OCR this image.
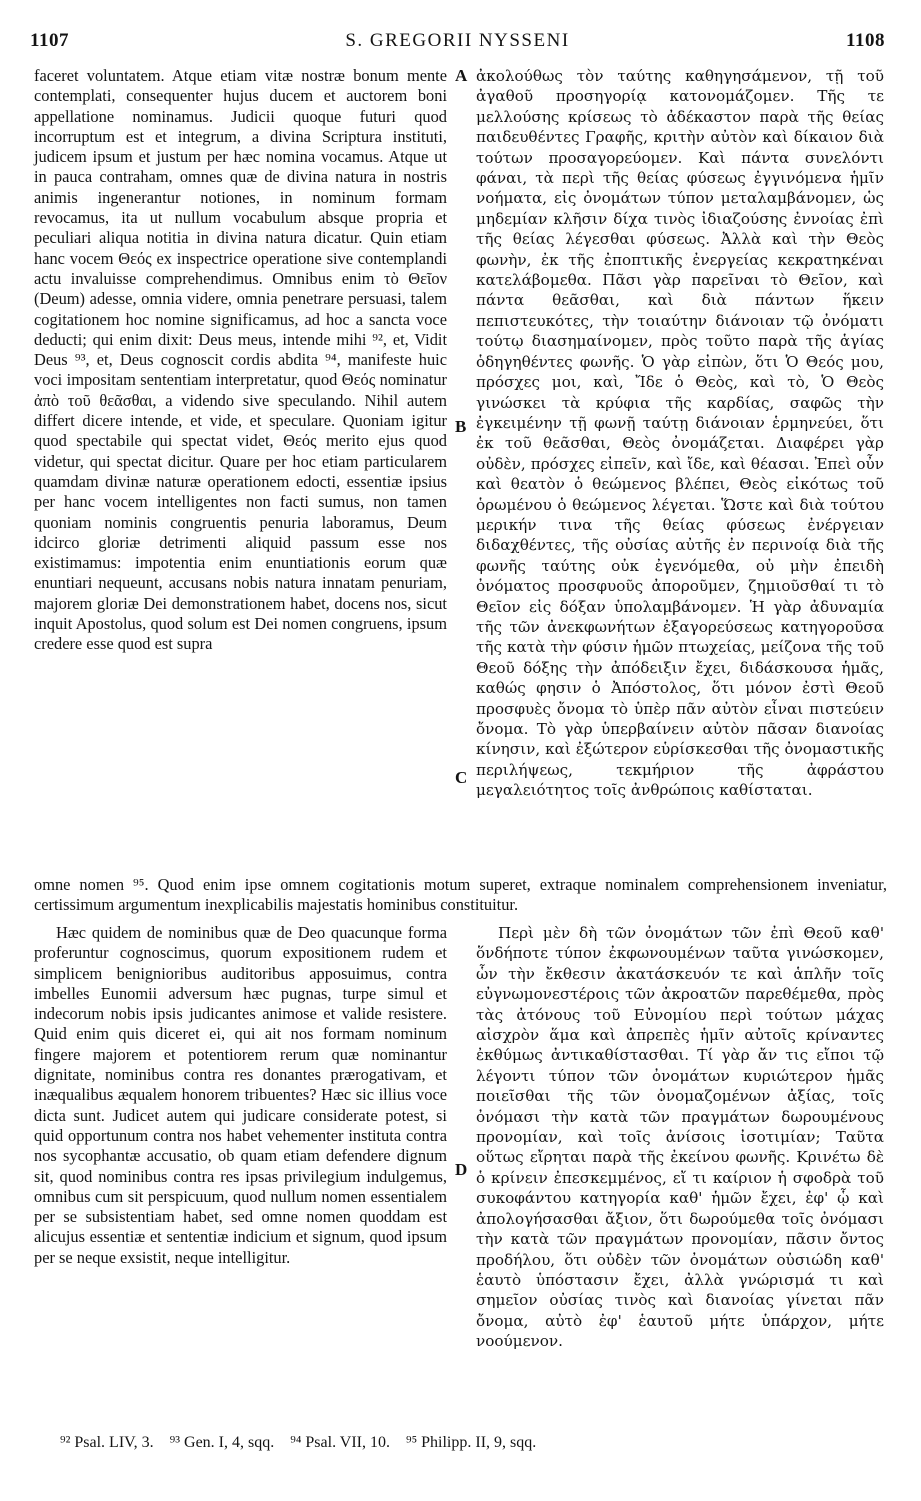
1107	S. GREGORII NYSSENI	1108

faceret voluntatem. Atque etiam vitæ nostræ bonum mente contemplati, consequenter hujus ducem et auctorem boni appellatione nominamus. Judicii quoque futuri quod incorruptum est et integrum, a divina Scriptura instituti, judicem ipsum et justum per hæc nomina vocamus. Atque ut in pauca contraham, omnes quæ de divina natura in nostris animis ingenerantur notiones, in nominum formam revocamus, ita ut nullum vocabulum absque propria et peculiari aliqua notitia in divina natura dicatur. Quin etiam hanc vocem Θεός ex inspectrice operatione sive contemplandi actu invaluisse comprehendimus. Omnibus enim τὸ Θεῖον (Deum) adesse, omnia videre, omnia penetrare persuasi, talem cogitationem hoc nomine significamus, ad hoc a sancta voce deducti; qui enim dixit: Deus meus, intende mihi ⁹², et, Vidit Deus ⁹³, et, Deus cognoscit cordis abdita ⁹⁴, manifeste huic voci impositam sententiam interpretatur, quod Θεός nominatur ἀπὸ τοῦ θεᾶσθαι, a videndo sive speculando. Nihil autem differt dicere intende, et vide, et speculare. Quoniam igitur quod spectabile qui spectat videt, Θεός merito ejus quod videtur, qui spectat dicitur. Quare per hoc etiam particularem quamdam divinæ naturæ operationem edocti, essentiæ ipsius per hanc vocem intelligentes non facti sumus, non tamen quoniam nominis congruentis penuria laboramus, Deum idcirco gloriæ detrimenti aliquid passum esse nos existimamus: impotentia enim enuntiationis eorum quæ enuntiari nequeunt, accusans nobis natura innatam penuriam, majorem gloriæ Dei demonstrationem habet, docens nos, sicut inquit Apostolus, quod solum est Dei nomen congruens, ipsum credere esse quod est supra

ἀκολούθως τὸν ταύτης καθηγησάμενον, τῇ τοῦ ἀγαθοῦ προσηγορίᾳ κατονομάζομεν. Τῆς τε μελλούσης κρίσεως τὸ ἀδέκαστον παρὰ τῆς θείας παιδευθέντες Γραφῆς, κριτὴν αὐτὸν καὶ δίκαιον διὰ τούτων προσαγορεύομεν. Καὶ πάντα συνελόντι φάναι, τὰ περὶ τῆς θείας φύσεως ἐγγινόμενα ἡμῖν νοήματα, εἰς ὀνομάτων τύπον μεταλαμβάνομεν, ὡς μηδεμίαν κλῆσιν δίχα τινὸς ἰδιαζούσης ἐννοίας ἐπὶ τῆς θείας λέγεσθαι φύσεως. Ἀλλὰ καὶ τὴν Θεὸς φωνὴν, ἐκ τῆς ἐποπτικῆς ἐνεργείας κεκρατηκέναι κατελάβομεθα. Πᾶσι γὰρ παρεῖναι τὸ Θεῖον, καὶ πάντα θεᾶσθαι, καὶ διὰ πάντων ἥκειν πεπιστευκότες, τὴν τοιαύτην διάνοιαν τῷ ὀνόματι τούτῳ διασημαίνομεν, πρὸς τοῦτο παρὰ τῆς ἁγίας ὁδηγηθέντες φωνῆς. Ὁ γὰρ εἰπὼν, ὅτι Ὁ Θεός μου, πρόσχες μοι, καὶ, Ἴδε ὁ Θεὸς, καὶ τὸ, Ὁ Θεὸς γινώσκει τὰ κρύφια τῆς καρδίας, σαφῶς τὴν ἐγκειμένην τῇ φωνῇ ταύτῃ διάνοιαν ἑρμηνεύει, ὅτι ἐκ τοῦ θεᾶσθαι, Θεὸς ὀνομάζεται. Διαφέρει γὰρ οὐδὲν, πρόσχες εἰπεῖν, καὶ ἴδε, καὶ θέασαι. Ἐπεὶ οὖν καὶ θεατὸν ὁ θεώμενος βλέπει, Θεὸς εἰκότως τοῦ ὁρωμένου ὁ θεώμενος λέγεται. Ὥστε καὶ διὰ τούτου μερικήν τινα τῆς θείας φύσεως ἐνέργειαν διδαχθέντες, τῆς οὐσίας αὐτῆς ἐν περινοίᾳ διὰ τῆς φωνῆς ταύτης οὐκ ἐγενόμεθα, οὐ μὴν ἐπειδὴ ὀνόματος προσφυοῦς ἀποροῦμεν, ζημιοῦσθαί τι τὸ Θεῖον εἰς δόξαν ὑπολαμβάνομεν. Ἡ γὰρ ἀδυναμία τῆς τῶν ἀνεκφωνήτων ἐξαγορεύσεως κατηγοροῦσα τῆς κατὰ τὴν φύσιν ἡμῶν πτωχείας, μείζονα τῆς τοῦ Θεοῦ δόξης τὴν ἀπόδειξιν ἔχει, διδάσκουσα ἡμᾶς, καθώς φησιν ὁ Ἀπόστολος, ὅτι μόνον ἐστὶ Θεοῦ προσφυὲς ὄνομα τὸ ὑπὲρ πᾶν αὐτὸν εἶναι πιστεύειν ὄνομα. Τὸ γὰρ ὑπερβαίνειν αὐτὸν πᾶσαν διανοίας κίνησιν, καὶ ἐξώτερον εὑρίσκεσθαι τῆς ὀνομαστικῆς περιλήψεως, τεκμήριον τῆς ἀφράστου μεγαλειότητος τοῖς ἀνθρώποις καθίσταται.

A
B
C
D

omne nomen ⁹⁵. Quod enim ipse omnem cogitationis motum superet, extraque nominalem comprehensionem inveniatur, certissimum argumentum inexplicabilis majestatis hominibus constituitur.

Hæc quidem de nominibus quæ de Deo quacunque forma proferuntur cognoscimus, quorum expositionem rudem et simplicem benignioribus auditoribus apposuimus, contra imbelles Eunomii adversum hæc pugnas, turpe simul et indecorum nobis ipsis judicantes animose et valide resistere. Quid enim quis diceret ei, qui ait nos formam nominum fingere majorem et potentiorem rerum quæ nominantur dignitate, nominibus contra res donantes prærogativam, et inæqualibus æqualem honorem tribuentes? Hæc sic illius voce dicta sunt. Judicet autem qui judicare considerate potest, si quid opportunum contra nos habet vehementer instituta contra nos sycophantæ accusatio, ob quam etiam defendere dignum sit, quod nominibus contra res ipsas privilegium indulgemus, omnibus cum sit perspicuum, quod nullum nomen essentialem per se subsistentiam habet, sed omne nomen quoddam est alicujus essentiæ et sententiæ indicium et signum, quod ipsum per se neque exsistit, neque intelligitur.

Περὶ μὲν δὴ τῶν ὀνομάτων τῶν ἐπὶ Θεοῦ καθ' ὅνδήποτε τύπον ἐκφωνουμένων ταῦτα γινώσκομεν, ὧν τὴν ἔκθεσιν ἀκατάσκευόν τε καὶ ἁπλῆν τοῖς εὐγνωμονεστέροις τῶν ἀκροατῶν παρεθέμεθα, πρὸς τὰς ἀτόνους τοῦ Εὐνομίου περὶ τούτων μάχας αἰσχρὸν ἅμα καὶ ἀπρεπὲς ἡμῖν αὐτοῖς κρίναντες ἐκθύμως ἀντικαθίστασθαι. Τί γὰρ ἄν τις εἴποι τῷ λέγοντι τύπον τῶν ὀνομάτων κυριώτερον ἡμᾶς ποιεῖσθαι τῆς τῶν ὀνομαζομένων ἀξίας, τοῖς ὀνόμασι τὴν κατὰ τῶν πραγμάτων δωρουμένους προνομίαν, καὶ τοῖς ἀνίσοις ἰσοτιμίαν; Ταῦτα οὕτως εἴρηται παρὰ τῆς ἐκείνου φωνῆς. Κρινέτω δὲ ὁ κρίνειν ἐπεσκεμμένος, εἴ τι καίριον ἡ σφοδρὰ τοῦ συκοφάντου κατηγορία καθ' ἡμῶν ἔχει, ἐφ' ᾧ καὶ ἀπολογήσασθαι ἄξιον, ὅτι δωρούμεθα τοῖς ὀνόμασι τὴν κατὰ τῶν πραγμάτων προνομίαν, πᾶσιν ὄντος προδήλου, ὅτι οὐδὲν τῶν ὀνομάτων οὐσιώδη καθ' ἑαυτὸ ὑπόστασιν ἔχει, ἀλλὰ γνώρισμά τι καὶ σημεῖον οὐσίας τινὸς καὶ διανοίας γίνεται πᾶν ὄνομα, αὐτὸ ἐφ' ἑαυτοῦ μήτε ὑπάρχον, μήτε νοούμενον.

⁹² Psal. LIV, 3. ⁹³ Gen. I, 4, sqq. ⁹⁴ Psal. VII, 10. ⁹⁵ Philipp. II, 9, sqq.
